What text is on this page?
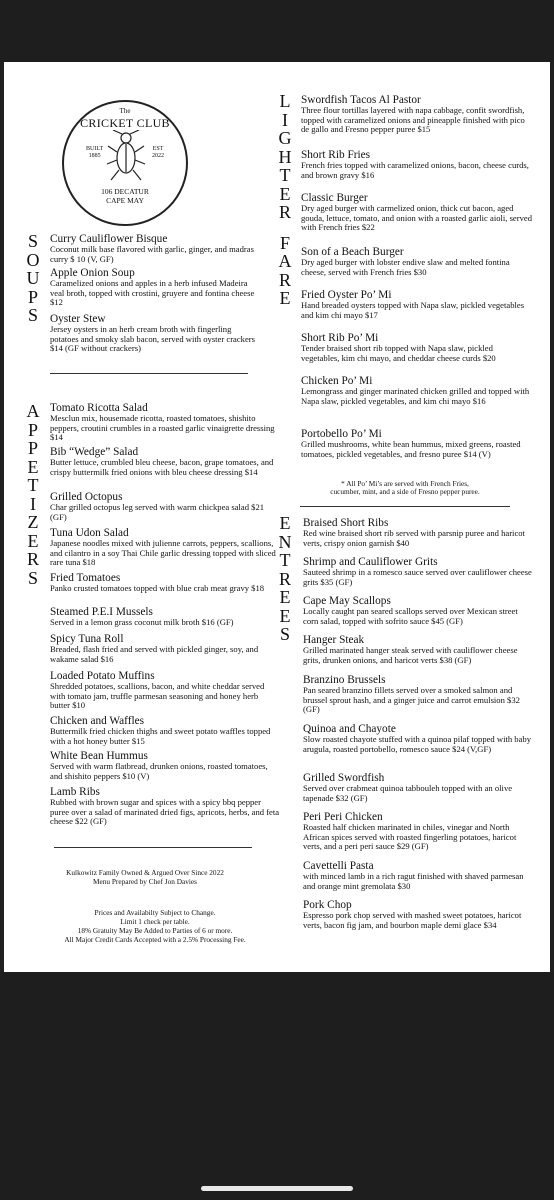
The
CRICKET CLUB
BUILT
1885
EST
2022
106 DECATUR
CAPE MAY
S
O
U
P
S
A
P
P
E
T
I
Z
E
R
S
L
I
G
H
T
E
R

F
A
R
E
E
N
T
R
E
E
S
Curry Cauliflower Bisque
Coconut milk base flavored with garlic, ginger, and madras curry $ 10 (V, GF)
Apple Onion Soup
Caramelized onions and apples in a herb infused Madeira veal broth, topped with crostini, gruyere and fontina cheese $12
Oyster Stew
Jersey oysters in an herb cream broth with fingerling potatoes and smoky slab bacon, served with oyster crackers $14 (GF without crackers)
Tomato Ricotta Salad
Mesclun mix, housemade ricotta, roasted tomatoes, shishito peppers, croutini crumbles in a roasted garlic vinaigrette dressing $14
Bib “Wedge” Salad
Butter lettuce, crumbled bleu cheese, bacon, grape tomatoes, and crispy buttermilk fried onions with bleu cheese dressing $14
Grilled Octopus
Char grilled octopus leg served with warm chickpea salad $21 (GF)
Tuna Udon Salad
Japanese noodles mixed with julienne carrots, peppers, scallions, and cilantro in a soy Thai Chile garlic dressing topped with sliced rare tuna $18
Fried Tomatoes
Panko crusted tomatoes topped with blue crab meat gravy $18
Steamed P.E.I Mussels
Served in a lemon grass coconut milk broth $16 (GF)
Spicy Tuna Roll
Breaded, flash fried and served with pickled ginger, soy, and wakame salad $16
Loaded Potato Muffins
Shredded potatoes, scallions, bacon, and white cheddar served with tomato jam, truffle parmesan seasoning and honey herb butter $10
Chicken and Waffles
Buttermilk fried chicken thighs and sweet potato waffles topped with a hot honey butter $15
White Bean Hummus
Served with warm flatbread, drunken onions, roasted tomatoes, and shishito peppers $10 (V)
Lamb Ribs
Rubbed with brown sugar and spices with a spicy bbq pepper puree over a salad of marinated dried figs, apricots, herbs, and feta cheese $22 (GF)
Kulkowitz Family Owned & Argued Over Since 2022
Menu Prepared by Chef Jon Davies
Prices and Availabilty Subject to Change.
Limit 1 check per table.
18% Gratuity May Be Added to Parties of 6 or more.
All Major Credit Cards Accepted with a 2.5% Processing Fee.
Swordfish Tacos Al Pastor
Three flour tortillas layered with napa cabbage, confit swordfish, topped with caramelized onions and pineapple finished with pico de gallo and Fresno pepper puree $15
Short Rib Fries
French fries topped with caramelized onions, bacon, cheese curds, and brown gravy $16
Classic Burger
Dry aged burger with carmelized onion, thick cut bacon, aged gouda, lettuce, tomato, and onion with a roasted garlic aioli, served with French fries $22
Son of a Beach Burger
Dry aged burger with lobster endive slaw and melted fontina cheese, served with French fries $30
Fried Oyster Po’ Mi
Hand breaded oysters topped with Napa slaw, pickled vegetables and kim chi mayo $17
Short Rib Po’ Mi
Tender braised short rib topped with Napa slaw, pickled vegetables, kim chi mayo, and cheddar cheese curds $20
Chicken Po’ Mi
Lemongrass and ginger marinated chicken grilled and topped with Napa slaw, pickled vegetables, and kim chi mayo $16
Portobello Po’ Mi
Grilled mushrooms, white bean hummus, mixed greens, roasted tomatoes, pickled vegetables, and fresno puree $14 (V)
* All Po’ Mi’s are served with French Fries, cucumber, mint, and a side of Fresno pepper puree.
Braised Short Ribs
Red wine braised short rib served with parsnip puree and haricot verts, crispy onion garnish $40
Shrimp and Cauliflower Grits
Sauteed shrimp in a romesco sauce served over cauliflower cheese grits $35 (GF)
Cape May Scallops
Locally caught pan seared scallops served over Mexican street corn salad, topped with sofrito sauce $45 (GF)
Hanger Steak
Grilled marinated hanger steak served with cauliflower cheese grits, drunken onions, and haricot verts $38 (GF)
Branzino Brussels
Pan seared branzino fillets served over a smoked salmon and brussel sprout hash, and a ginger juice and carrot emulsion $32 (GF)
Quinoa and Chayote
Slow roasted chayote stuffed with a quinoa pilaf topped with baby arugula, roasted portobello, romesco sauce $24 (V,GF)
Grilled Swordfish
Served over crabmeat quinoa tabbouleh topped with an olive tapenade $32 (GF)
Peri Peri Chicken
Roasted half chicken marinated in chiles, vinegar and North African spices served with roasted fingerling potatoes, haricot verts, and a peri peri sauce $29 (GF)
Cavettelli Pasta
with minced lamb in a rich ragut finished with shaved parmesan and orange mint gremolata $30
Pork Chop
Espresso pork chop served with mashed sweet potatoes, haricot verts, bacon fig jam, and bourbon maple demi glace $34
